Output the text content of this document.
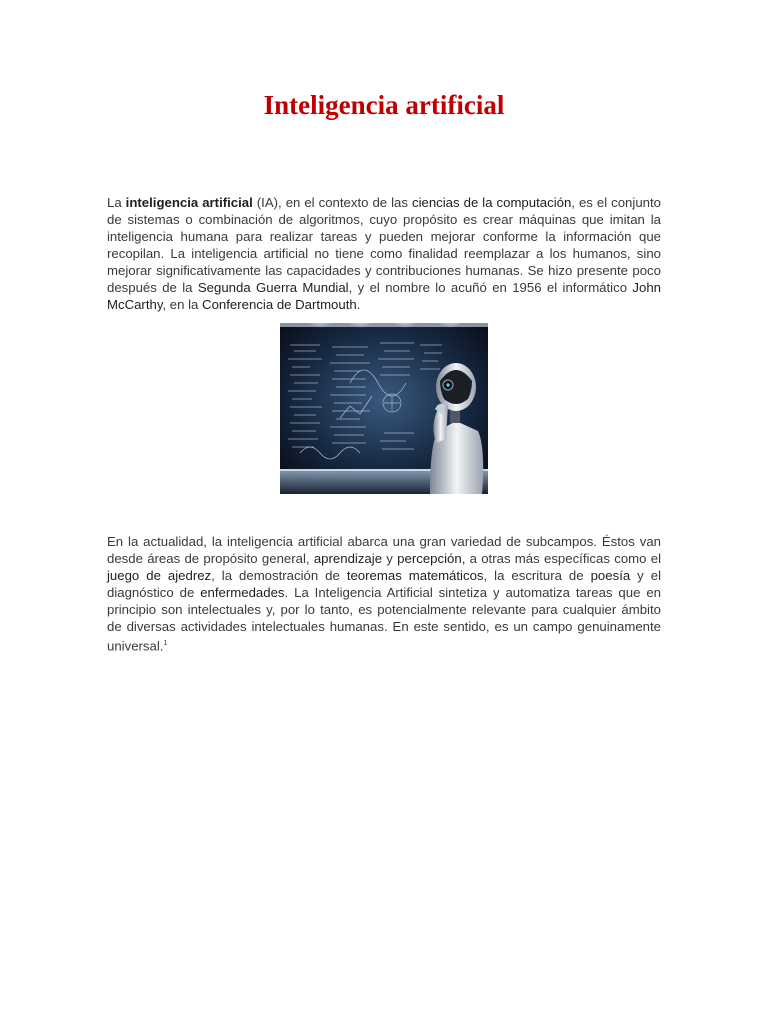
Inteligencia artificial

La inteligencia artificial (IA), en el contexto de las ciencias de la computación, es el conjunto de sistemas o combinación de algoritmos, cuyo propósito es crear máquinas que imitan la inteligencia humana para realizar tareas y pueden mejorar conforme la información que recopilan. La inteligencia artificial no tiene como finalidad reemplazar a los humanos, sino mejorar significativamente las capacidades y contribuciones humanas. Se hizo presente poco después de la Segunda Guerra Mundial, y el nombre lo acuñó en 1956 el informático John McCarthy, en la Conferencia de Dartmouth.

En la actualidad, la inteligencia artificial abarca una gran variedad de subcampos. Éstos van desde áreas de propósito general, aprendizaje y percepción, a otras más específicas como el juego de ajedrez, la demostración de teoremas matemáticos, la escritura de poesía y el diagnóstico de enfermedades. La Inteligencia Artificial sintetiza y automatiza tareas que en principio son intelectuales y, por lo tanto, es potencialmente relevante para cualquier ámbito de diversas actividades intelectuales humanas. En este sentido, es un campo genuinamente universal.$^1$
